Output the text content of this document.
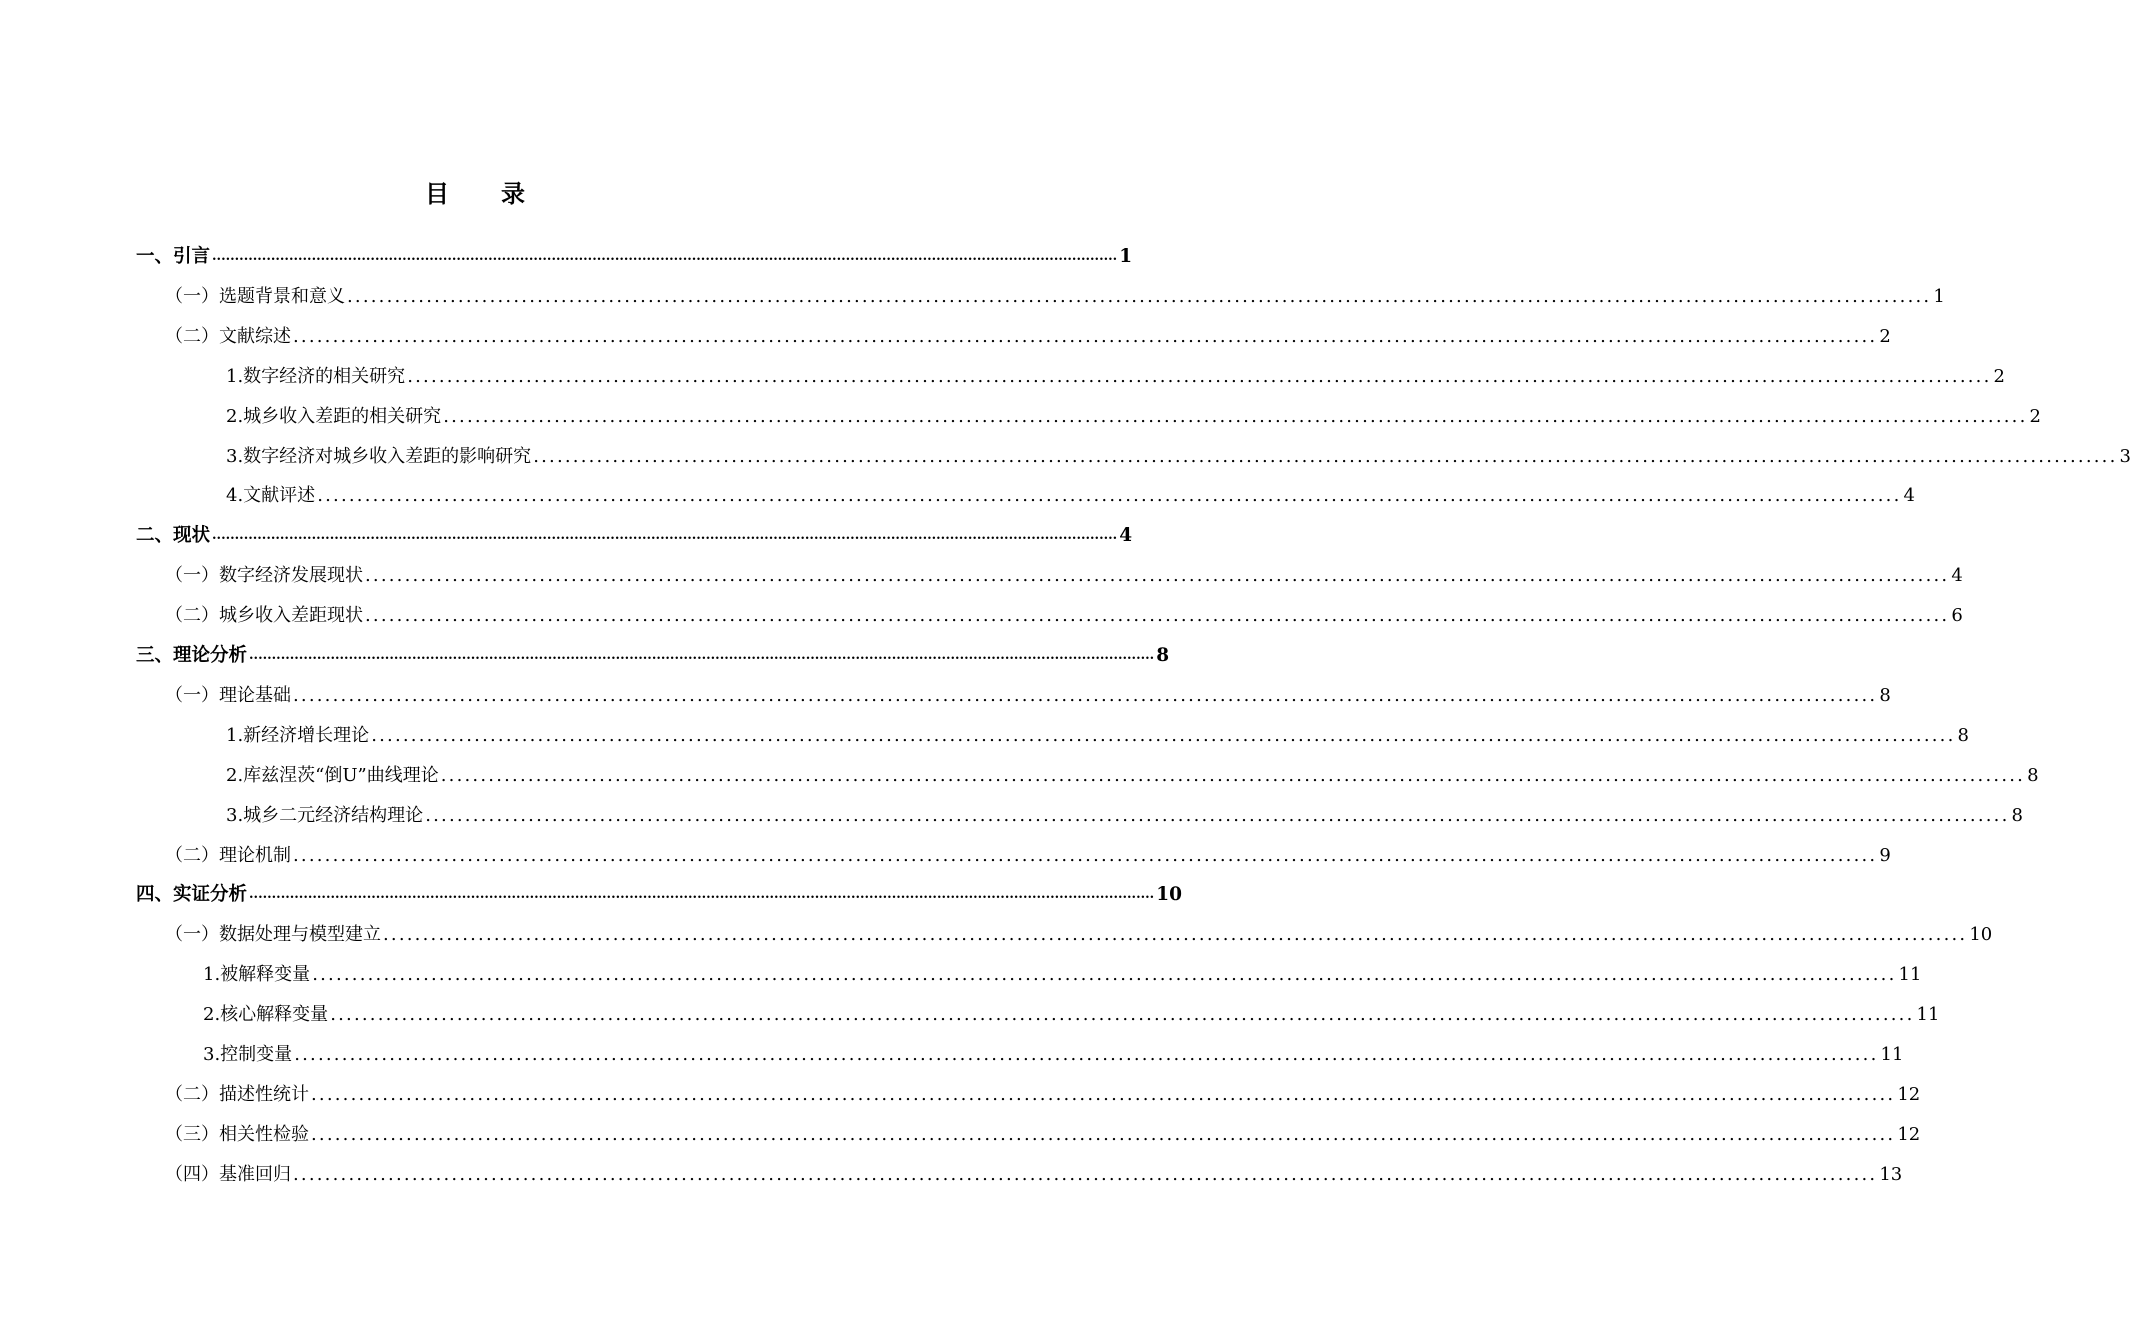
目 录
一、引言 ........................................................................................................................................................................................................ 1
（一）选题背景和意义 ........................................................................................................................................................................................................ 1
（二）文献综述 ........................................................................................................................................................................................................ 2
1.数字经济的相关研究 ........................................................................................................................................................................................................ 2
2.城乡收入差距的相关研究 ........................................................................................................................................................................................................ 2
3.数字经济对城乡收入差距的影响研究 ........................................................................................................................................................................................................ 3
4.文献评述 ........................................................................................................................................................................................................ 4
二、现状 ........................................................................................................................................................................................................ 4
（一）数字经济发展现状 ........................................................................................................................................................................................................ 4
（二）城乡收入差距现状 ........................................................................................................................................................................................................ 6
三、理论分析 ........................................................................................................................................................................................................ 8
（一）理论基础 ........................................................................................................................................................................................................ 8
1.新经济增长理论 ........................................................................................................................................................................................................ 8
2.库兹涅茨“倒U”曲线理论 ........................................................................................................................................................................................................ 8
3.城乡二元经济结构理论 ........................................................................................................................................................................................................ 8
（二）理论机制 ........................................................................................................................................................................................................ 9
四、实证分析 ........................................................................................................................................................................................................ 10
（一）数据处理与模型建立 ........................................................................................................................................................................................................ 10
1.被解释变量 ........................................................................................................................................................................................................ 11
2.核心解释变量 ........................................................................................................................................................................................................ 11
3.控制变量 ........................................................................................................................................................................................................ 11
（二）描述性统计 ........................................................................................................................................................................................................ 12
（三）相关性检验 ........................................................................................................................................................................................................ 12
（四）基准回归 ........................................................................................................................................................................................................ 13
